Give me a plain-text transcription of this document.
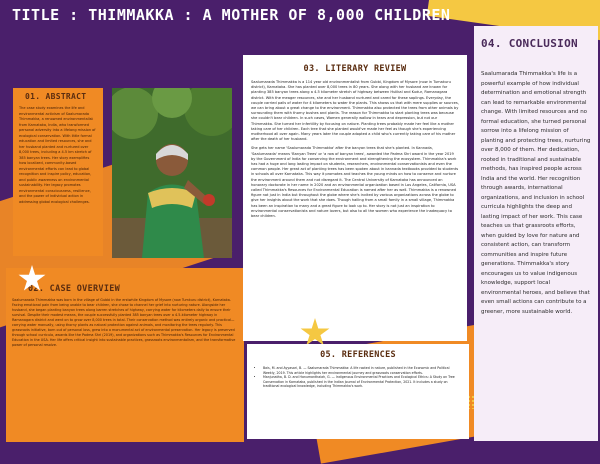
TITLE : THIMMAKKA : A MOTHER OF 8,000 CHILDREN
01. ABSTRACT

The case study examines the life and environmental activism of Saalumarada Thimmakka, a renowned environmentalist from Karnataka, India, who transformed personal adversity into a lifelong mission of ecological conservation. With little formal education and limited resources, she and her husband planted and nurtured over 8,000 trees, including a 4.5 km stretch of 385 banyan trees. Her story exemplifies how localized, community-based environmental efforts can lead to global recognition and inspire policy, education, and public awareness on environmental sustainability. Her legacy promotes environmental consciousness, resilience, and the power of individual action in addressing global ecological challenges.

02. CASE OVERVIEW

Saalumarada Thimmakka was born in the village of Gubbi in the erstwhile Kingdom of Mysore (now Tumkuru district), Karnataka. Facing emotional pain from being unable to bear children, she chose to channel her grief into nurturing nature. Alongside her husband, she began planting banyan trees along barren stretches of highway, carrying water for kilometers daily to ensure their survival. Despite their modest means, the couple successfully planted 385 banyan trees over a 4.5-kilometer highway in Ramanagara district and went on to grow over 8,000 trees in total. Their conservation method was entirely organic and practical—carrying water manually, using thorny plants as natural protection against animals, and monitoring the trees regularly. This grassroots initiative, born out of personal loss, grew into a monumental act of environmental preservation. Her legacy is preserved through school curricula, awards like the Padma Shri (2019), and organizations such as Thimmakka's Resources for Environmental Education in the USA. Her life offers critical insight into sustainable practices, grassroots environmentalism, and the transformative power of personal resolve.

03. LITERARY REVIEW

Saalumarada Thimmakka is a 114 year old environmentalist from Gubbi, Kingdom of Mysore (now in Tumakuru district), Karnataka. She has planted over 8,000 trees in 80 years. She along with her husband are known for planting 385 banyan trees along a 4.5 kilometer stretch of highway between Hulikal and Kudur, Ramanagara district. With the meager resources, she and her husband nurtured and cared for these saplings. Everyday, the couple carried pails of water for 4 kilometers to water the plants. This shows us that with mere supplies or sources, we can bring about a great change to the environment. Thimmakka also protected the trees from other animals by surrounding them with thorny bushes and plants. The reason for Thimmakka to start planting trees was because she couldn't bear children. In such cases, Women generally wallow in tears and depression, but not our Thimmakka. She turned her infertility by focusing on nature. Planting trees probably made her feel like a mother taking care of her children. Each tree that she planted would've made her feel as though she's experiencing motherhood all over again. Many years later the couple adopted a child who's currently taking care of his mother after the death of her husband.

She gets her name 'Saalumarada Thimmakka' after the banyan trees that she's planted. In Kannada, 'Saalumarada' means 'Banyan Trees' or 'a row of banyan trees', awarded the Padma Shri award in the year 2019 by the Government of India for conserving the environment and strengthening the ecosystem. Thimmakka's work has had a huge and long lasting impact on students, researchers, environmental conservationists and even the common people. Her great act of planting trees has been spoken about in kannada textbooks provided to students in schools all over Karnataka. This way it promotes and teaches the young minds on how to conserve and nurture the environment around them and not disregard it. The Central University of Karnataka has announced an honorary doctorate in her name in 2020 and an environmental organization based in Los Angeles, California, USA called Thimmakka's Resources for Environmental Education is named after her as well. Thimmakka is a renowned figure not just in India but throughout the globe where she's invited by various organizations across the globe to give her insights about the work that she does. Though hailing from a small family in a small village, Thimmakka has been an inspiration to many and a great figure to look up to. Her story is not just an inspiration to environmental conservationists and nature lovers, but also to all the women who experience the inadequacy to bear children.

05. REFERENCES
• Bais, M. and Ayyasari, B. — Saalumarada Thimmakka: A life rooted in nature, published in the Economic and Political Weekly, 2019. This article highlights her environmental journey and grassroots conservation efforts.
• Manjunatha, B. D. and Hanumanthaiah, G. — Indigenous Environmental Practices and Ecological Ethics: A Study on Tree Conservation in Karnataka, published in the Indian Journal of Environmental Protection, 2021. It includes a study on traditional ecological knowledge, including Thimmakka's work.
04. CONCLUSION

Saalumarada Thimmakka's life is a powerful example of how individual determination and emotional strength can lead to remarkable environmental change. With limited resources and no formal education, she turned personal sorrow into a lifelong mission of planting and protecting trees, nurturing over 8,000 of them. Her dedication, rooted in traditional and sustainable methods, has inspired people across India and the world. Her recognition through awards, international organizations, and inclusion in school curricula highlights the deep and lasting impact of her work. This case teaches us that grassroots efforts, when guided by love for nature and consistent action, can transform communities and inspire future generations. Thimmakka's story encourages us to value indigenous knowledge, support local environmental heroes, and believe that even small actions can contribute to a greener, more sustainable world.
